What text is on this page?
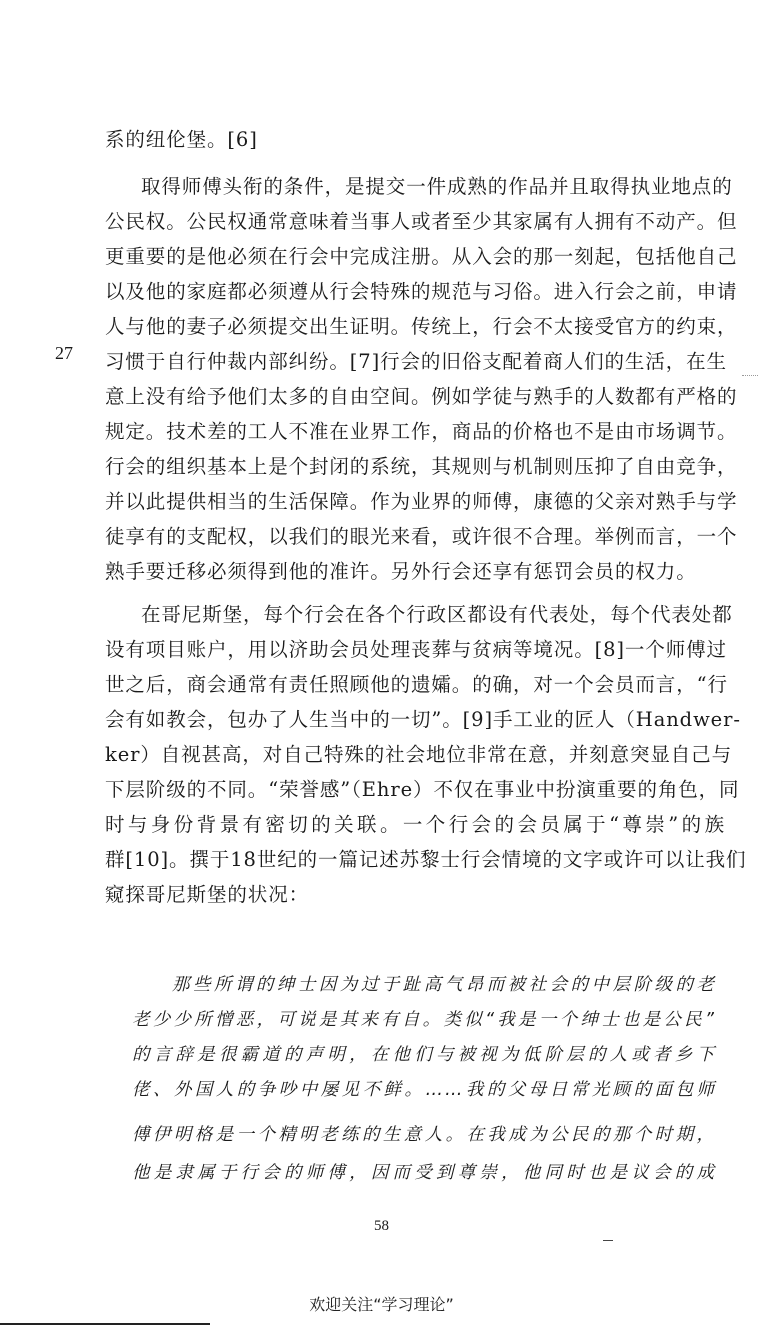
27
系的纽伦堡。[6]
取得师傅头衔的条件，是提交一件成熟的作品并且取得执业地点的
公民权。公民权通常意味着当事人或者至少其家属有人拥有不动产。但
更重要的是他必须在行会中完成注册。从入会的那一刻起，包括他自己
以及他的家庭都必须遵从行会特殊的规范与习俗。进入行会之前，申请
人与他的妻子必须提交出生证明。传统上，行会不太接受官方的约束，
习惯于自行仲裁内部纠纷。[7]行会的旧俗支配着商人们的生活，在生
意上没有给予他们太多的自由空间。例如学徒与熟手的人数都有严格的
规定。技术差的工人不准在业界工作，商品的价格也不是由市场调节。
行会的组织基本上是个封闭的系统，其规则与机制则压抑了自由竞争，
并以此提供相当的生活保障。作为业界的师傅，康德的父亲对熟手与学
徒享有的支配权，以我们的眼光来看，或许很不合理。举例而言，一个
熟手要迁移必须得到他的准许。另外行会还享有惩罚会员的权力。
在哥尼斯堡，每个行会在各个行政区都设有代表处，每个代表处都
设有项目账户，用以济助会员处理丧葬与贫病等境况。[8]一个师傅过
世之后，商会通常有责任照顾他的遗孀。的确，对一个会员而言，“行
会有如教会，包办了人生当中的一切”。[9]手工业的匠人（Handwer-
ker）自视甚高，对自己特殊的社会地位非常在意，并刻意突显自己与
下层阶级的不同。“荣誉感”（Ehre）不仅在事业中扮演重要的角色，同
时与身份背景有密切的关联。一个行会的会员属于“尊崇”的族
群[10]。撰于18世纪的一篇记述苏黎士行会情境的文字或许可以让我们
窥探哥尼斯堡的状况：
那些所谓的绅士因为过于趾高气昂而被社会的中层阶级的老
老少少所憎恶，可说是其来有自。类似“我是一个绅士也是公民”
的言辞是很霸道的声明，在他们与被视为低阶层的人或者乡下
佬、外国人的争吵中屡见不鲜。……我的父母日常光顾的面包师
傅伊明格是一个精明老练的生意人。在我成为公民的那个时期，
他是隶属于行会的师傅，因而受到尊崇，他同时也是议会的成
58
欢迎关注“学习理论”
